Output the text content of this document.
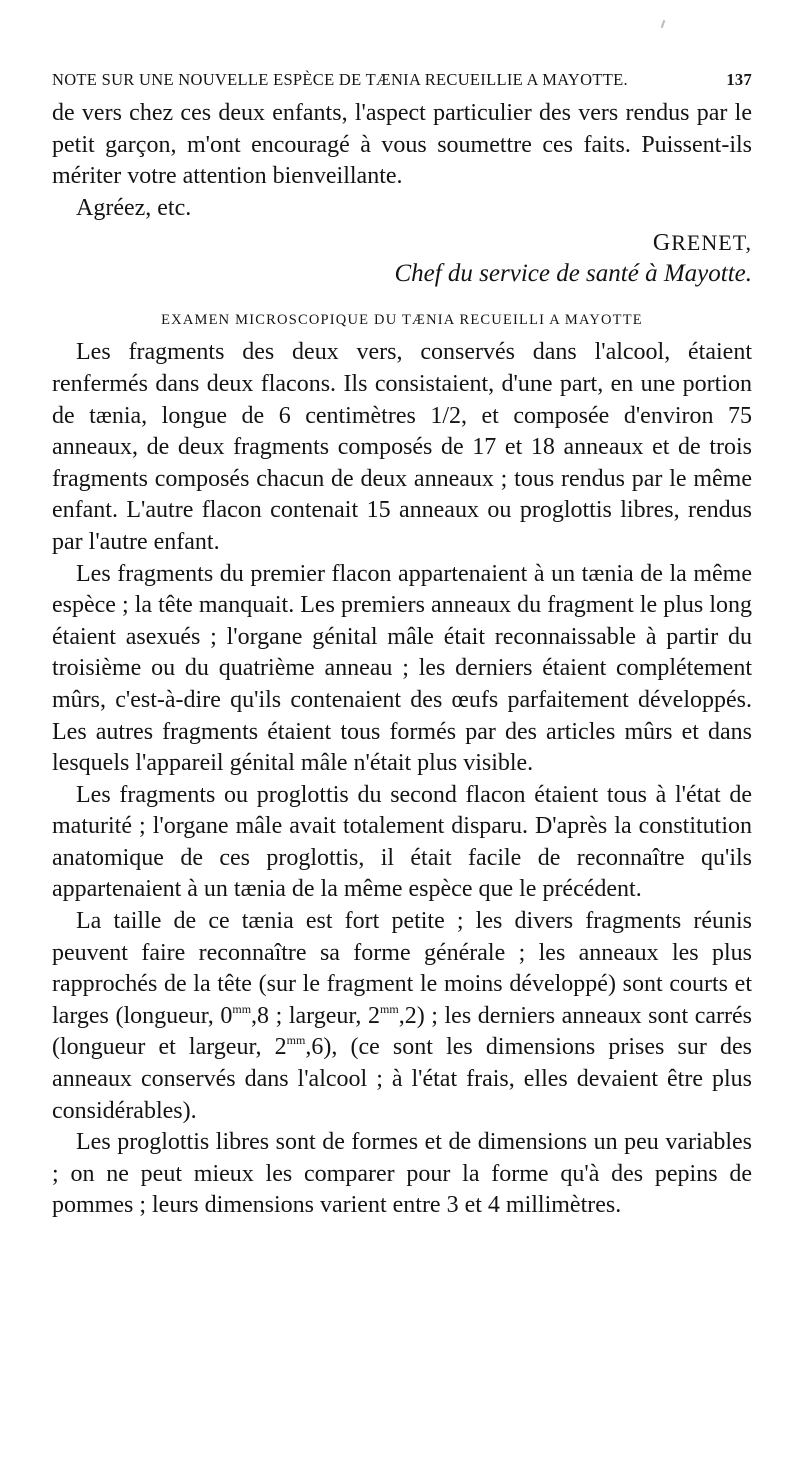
NOTE SUR UNE NOUVELLE ESPÈCE DE TÆNIA RECUEILLIE A MAYOTTE.	137

de vers chez ces deux enfants, l'aspect particulier des vers rendus par le petit garçon, m'ont encouragé à vous soumettre ces faits. Puissent-ils mériter votre attention bienveillante.

Agréez, etc.

GRENET,
Chef du service de santé à Mayotte.
EXAMEN MICROSCOPIQUE DU TÆNIA RECUEILLI A MAYOTTE

Les fragments des deux vers, conservés dans l'alcool, étaient renfermés dans deux flacons. Ils consistaient, d'une part, en une portion de tænia, longue de 6 centimètres 1/2, et composée d'environ 75 anneaux, de deux fragments composés de 17 et 18 anneaux et de trois fragments composés chacun de deux anneaux ; tous rendus par le même enfant. L'autre flacon contenait 15 anneaux ou proglottis libres, rendus par l'autre enfant.

Les fragments du premier flacon appartenaient à un tænia de la même espèce ; la tête manquait. Les premiers anneaux du fragment le plus long étaient asexués ; l'organe génital mâle était reconnaissable à partir du troisième ou du quatrième anneau ; les derniers étaient complétement mûrs, c'est-à-dire qu'ils contenaient des œufs parfaitement développés. Les autres fragments étaient tous formés par des articles mûrs et dans lesquels l'appareil génital mâle n'était plus visible.

Les fragments ou proglottis du second flacon étaient tous à l'état de maturité ; l'organe mâle avait totalement disparu. D'après la constitution anatomique de ces proglottis, il était facile de reconnaître qu'ils appartenaient à un tænia de la même espèce que le précédent.

La taille de ce tænia est fort petite ; les divers fragments réunis peuvent faire reconnaître sa forme générale ; les anneaux les plus rapprochés de la tête (sur le fragment le moins développé) sont courts et larges (longueur, $0^{mm},8$ ; largeur, $2^{mm},2$) ; les derniers anneaux sont carrés (longueur et largeur, $2^{mm},6$), (ce sont les dimensions prises sur des anneaux conservés dans l'alcool ; à l'état frais, elles devaient être plus considérables).

Les proglottis libres sont de formes et de dimensions un peu variables ; on ne peut mieux les comparer pour la forme qu'à des pepins de pommes ; leurs dimensions varient entre 3 et 4 millimètres.
